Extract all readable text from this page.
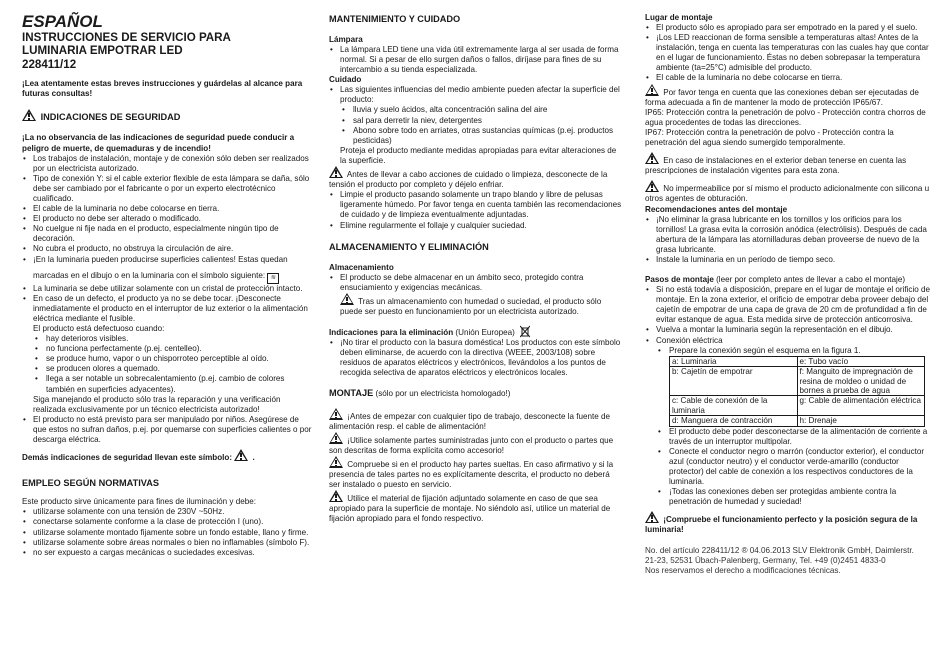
ESPAÑOL
INSTRUCCIONES DE SERVICIO PARA
LUMINARIA EMPOTRAR LED
228411/12

¡Lea atentamente estas breves instrucciones y guárdelas al alcance para futuras consultas!

INDICACIONES DE SEGURIDAD

¡La no observancia de las indicaciones de seguridad puede conducir a peligro de muerte, de quemaduras y de incendio!

• Los trabajos de instalación, montaje y de conexión sólo deben ser realizados por un electricista autorizado.
• Tipo de conexión Y: si el cable exterior flexible de esta lámpara se daña, sólo debe ser cambiado por el fabricante o por un experto electrotécnico cualificado.
• El cable de la luminaria no debe colocarse en tierra.
• El producto no debe ser alterado o modificado.
• No cuelgue ni fije nada en el producto, especialmente ningún tipo de decoración.
• No cubra el producto, no obstruya la circulación de aire.
• ¡En la luminaria pueden producirse superficies calientes! Estas quedan

marcadas en el dibujo o en la luminaria con el símbolo siguiente: ≋

• La luminaria se debe utilizar solamente con un cristal de protección intacto.
• En caso de un defecto, el producto ya no se debe tocar. ¡Desconecte inmediatamente el producto en el interruptor de luz exterior o la alimentación eléctrica mediante el fusible.

El producto está defectuoso cuando:

• hay deterioros visibles.
• no funciona perfectamente (p.ej. centelleo).
• se produce humo, vapor o un chisporroteo perceptible al oído.
• se producen olores a quemado.
• llega a ser notable un sobrecalentamiento (p.ej. cambio de colores también en superficies adyacentes).

Siga manejando el producto sólo tras la reparación y una verificación realizada exclusivamente por un técnico electricista autorizado!

• El producto no está previsto para ser manipulado por niños. Asegúrese de que estos no sufran daños, p.ej. por quemarse con superficies calientes o por descarga eléctrica.

Demás indicaciones de seguridad llevan este símbolo:
.

EMPLEO SEGÚN NORMATIVAS

Este producto sirve únicamente para fines de iluminación y debe:

• utilizarse solamente con una tensión de 230V ~50Hz.
• conectarse solamente conforme a la clase de protección I (uno).
• utilizarse solamente montado fijamente sobre un fondo estable, llano y firme.
• utilizarse solamente sobre áreas normales o bien no inflamables (símbolo F).
• no ser expuesto a cargas mecánicas o suciedades excesivas.
MANTENIMIENTO Y CUIDADO
Lámpara
• La lámpara LED tiene una vida útil extremamente larga al ser usada de forma normal. Si a pesar de ello surgen daños o fallos, diríjase para fines de su intercambio a su tienda especializada.
Cuidado
• Las siguientes influencias del medio ambiente pueden afectar la superficie del producto:
• lluvia y suelo ácidos, alta concentración salina del aire
• sal para derretir la niev, detergentes
• Abono sobre todo en arriates, otras sustancias químicas (p.ej. productos pesticidas)

Proteja el producto mediante medidas apropiadas para evitar alteraciones de la superficie.

Antes de llevar a cabo acciones de cuidado o limpieza, desconecte de la tensión el producto por completo y déjelo enfriar.

• Limpie el producto pasando solamente un trapo blando y libre de pelusas ligeramente húmedo. Por favor tenga en cuenta también las recomendaciones de cuidado y de limpieza eventualmente adjuntadas.
• Elimine regularmente el follaje y cualquier suciedad.
ALMACENAMIENTO Y ELIMINACIÓN
Almacenamiento
• El producto se debe almacenar en un ámbito seco, protegido contra ensuciamiento y exigencias mecánicas.

Tras un almacenamiento con humedad o suciedad, el producto sólo puede ser puesto en funcionamiento por un electricista autorizado.

Indicaciones para la eliminación (Unión Europea)

• ¡No tirar el producto con la basura doméstica! Los productos con este símbolo deben eliminarse, de acuerdo con la directiva (WEEE, 2003/108) sobre residuos de aparatos eléctricos y electrónicos, llevándolos a los puntos de recogida selectiva de aparatos eléctricos y electrónicos locales.

MONTAJE (sólo por un electricista homologado!)

¡Antes de empezar con cualquier tipo de trabajo, desconecte la fuente de alimentación resp. el cable de alimentación!

¡Utilice solamente partes suministradas junto con el producto o partes que son descritas de forma explícita como accesorio!

Compruebe si en el producto hay partes sueltas. En caso afirmativo y si la presencia de tales partes no es explícitamente descrita, el producto no deberá ser instalado o puesto en servicio.

Utilice el material de fijación adjuntado solamente en caso de que sea apropiado para la superficie de montaje. No siéndolo así, utilice un material de fijación apropiado para el fondo respectivo.

Lugar de montaje
• El producto sólo es apropiado para ser empotrado en la pared y el suelo.
• ¡Los LED reaccionan de forma sensible a temperaturas altas! Antes de la instalación, tenga en cuenta las temperaturas con las cuales hay que contar en el lugar de funcionamiento. Éstas no deben sobrepasar la temperatura ambiente (ta=25°C) admisible del producto.
• El cable de la luminaria no debe colocarse en tierra.

Por favor tenga en cuenta que las conexiones deban ser ejecutadas de forma adecuada a fin de mantener la modo de protección IP65/67.

IP65: Protección contra la penetración de polvo - Protección contra chorros de agua procedentes de todas las direcciones.

IP67: Protección contra la penetración de polvo - Protección contra la penetración del agua siendo sumergido temporalmente.

En caso de instalaciones en el exterior deban tenerse en cuenta las prescripciones de instalación vigentes para esta zona.

No impermeabilice por sí mismo el producto adicionalmente con silicona u otros agentes de obturación.

Recomendaciones antes del montaje
• ¡No eliminar la grasa lubricante en los tornillos y los orificios para los tornillos! La grasa evita la corrosión anódica (electrólisis). Después de cada abertura de la lámpara las atornilladuras deban proveerse de nuevo de la grasa lubricante.
• Instale la luminaria en un período de tiempo seco.

Pasos de montaje (leer por completo antes de llevar a cabo el montaje)

• Si no está todavía a disposición, prepare en el lugar de montaje el orificio de montaje. En la zona exterior, el orificio de empotrar deba proveer debajo del cajetín de empotrar de una capa de grava de 20 cm de profundidad a fin de evitar estanque de agua. Esta medida sirve de protección anticorrosiva.
• Vuelva a montar la luminaria según la representación en el dibujo.
• Conexión eléctrica
• Prepare la conexión según el esquema en la figura 1.
a: Luminaria	e: Tubo vacío
b: Cajetín de empotrar	f: Manguito de impregnación de resina de moldeo o unidad de bornes a prueba de agua
c: Cable de conexión de la luminaria	g: Cable de alimentación eléctrica
d: Manguera de contracción	h: Drenaje
• El producto debe poder desconectarse de la alimentación de corriente a través de un interruptor multipolar.
• Conecte el conductor negro o marrón (conductor exterior), el conductor azul (conductor neutro) y el conductor verde-amarillo (conductor protector) del cable de conexión a los respectivos conductores de la luminaria.
• ¡Todas las conexiones deben ser protegidas ambiente contra la penetración de humedad y suciedad!

¡Compruebe el funcionamiento perfecto y la posición segura de la luminaria!

No. del artículo 228411/12 ® 04.06.2013 SLV Elektronik GmbH, Daimlerstr.

21-23, 52531 Übach-Palenberg, Germany, Tel. +49 (0)2451 4833-0

Nos reservamos el derecho a modificaciones técnicas.
